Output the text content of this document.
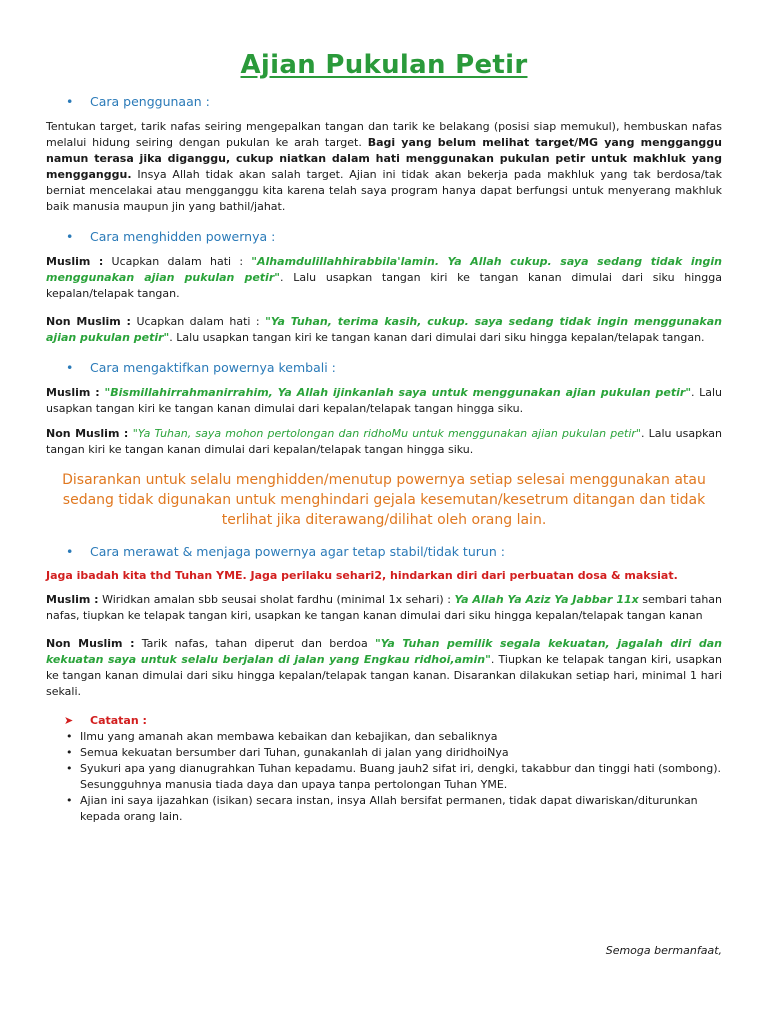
Ajian Pukulan Petir
• Cara penggunaan :

Tentukan target, tarik nafas seiring mengepalkan tangan dan tarik ke belakang (posisi siap memukul), hembuskan nafas melalui hidung seiring dengan pukulan ke arah target. Bagi yang belum melihat target/MG yang mengganggu namun terasa jika diganggu, cukup niatkan dalam hati menggunakan pukulan petir untuk makhluk yang mengganggu. Insya Allah tidak akan salah target. Ajian ini tidak akan bekerja pada makhluk yang tak berdosa/tak berniat mencelakai atau mengganggu kita karena telah saya program hanya dapat berfungsi untuk menyerang makhluk baik manusia maupun jin yang bathil/jahat.

• Cara menghidden powernya :

Muslim : Ucapkan dalam hati : "Alhamdulillahhirabbila'lamin. Ya Allah cukup. saya sedang tidak ingin menggunakan ajian pukulan petir". Lalu usapkan tangan kiri ke tangan kanan dimulai dari siku hingga kepalan/telapak tangan.

Non Muslim : Ucapkan dalam hati : "Ya Tuhan, terima kasih, cukup. saya sedang tidak ingin menggunakan ajian pukulan petir". Lalu usapkan tangan kiri ke tangan kanan dari dimulai dari siku hingga kepalan/telapak tangan.

• Cara mengaktifkan powernya kembali :

Muslim : "Bismillahirrahmanirrahim, Ya Allah ijinkanlah saya untuk menggunakan ajian pukulan petir". Lalu usapkan tangan kiri ke tangan kanan dimulai dari kepalan/telapak tangan hingga siku.

Non Muslim : "Ya Tuhan, saya mohon pertolongan dan ridhoMu untuk menggunakan ajian pukulan petir". Lalu usapkan tangan kiri ke tangan kanan dimulai dari kepalan/telapak tangan hingga siku.

Disarankan untuk selalu menghidden/menutup powernya setiap selesai menggunakan atau sedang tidak digunakan untuk menghindari gejala kesemutan/kesetrum ditangan dan tidak terlihat jika diterawang/dilihat oleh orang lain.
• Cara merawat & menjaga powernya agar tetap stabil/tidak turun :
Jaga ibadah kita thd Tuhan YME. Jaga perilaku sehari2, hindarkan diri dari perbuatan dosa & maksiat.

Muslim : Wiridkan amalan sbb seusai sholat fardhu (minimal 1x sehari) : Ya Allah Ya Aziz Ya Jabbar 11x sembari tahan nafas, tiupkan ke telapak tangan kiri, usapkan ke tangan kanan dimulai dari siku hingga kepalan/telapak tangan kanan

Non Muslim : Tarik nafas, tahan diperut dan berdoa "Ya Tuhan pemilik segala kekuatan, jagalah diri dan kekuatan saya untuk selalu berjalan di jalan yang Engkau ridhoi,amin". Tiupkan ke telapak tangan kiri, usapkan ke tangan kanan dimulai dari siku hingga kepalan/telapak tangan kanan. Disarankan dilakukan setiap hari, minimal 1 hari sekali.

➤ Catatan :
• Ilmu yang amanah akan membawa kebaikan dan kebajikan, dan sebaliknya
• Semua kekuatan bersumber dari Tuhan, gunakanlah di jalan yang diridhoiNya
• Syukuri apa yang dianugrahkan Tuhan kepadamu. Buang jauh2 sifat iri, dengki, takabbur dan tinggi hati (sombong). Sesungguhnya manusia tiada daya dan upaya tanpa pertolongan Tuhan YME.
• Ajian ini saya ijazahkan (isikan) secara instan, insya Allah bersifat permanen, tidak dapat diwariskan/diturunkan kepada orang lain.
Semoga bermanfaat,
